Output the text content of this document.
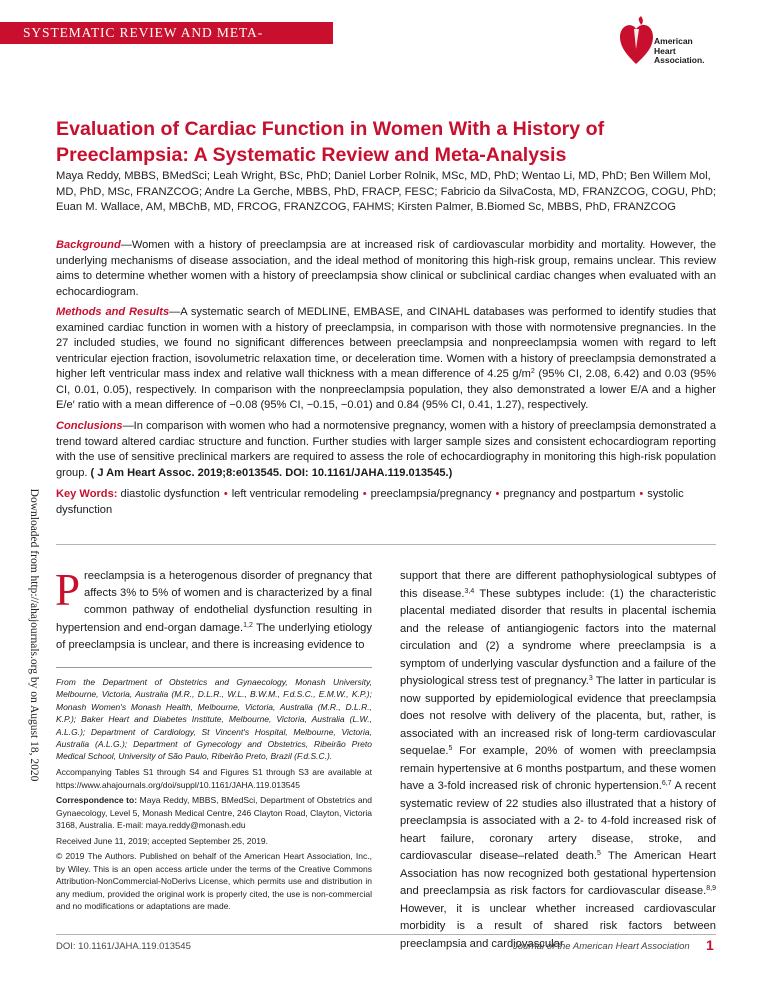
SYSTEMATIC REVIEW AND META-ANALYSIS
American
Heart
Association.
Downloaded from http://ahajournals.org by on August 18, 2020
Evaluation of Cardiac Function in Women With a History of Preeclampsia: A Systematic Review and Meta-Analysis
Maya Reddy, MBBS, BMedSci; Leah Wright, BSc, PhD; Daniel Lorber Rolnik, MSc, MD, PhD; Wentao Li, MD, PhD; Ben Willem Mol, MD, PhD, MSc, FRANZCOG; Andre La Gerche, MBBS, PhD, FRACP, FESC; Fabricio da SilvaCosta, MD, FRANZCOG, COGU, PhD; Euan M. Wallace, AM, MBChB, MD, FRCOG, FRANZCOG, FAHMS; Kirsten Palmer, B.Biomed Sc, MBBS, PhD, FRANZCOG

Background—Women with a history of preeclampsia are at increased risk of cardiovascular morbidity and mortality. However, the underlying mechanisms of disease association, and the ideal method of monitoring this high-risk group, remains unclear. This review aims to determine whether women with a history of preeclampsia show clinical or subclinical cardiac changes when evaluated with an echocardiogram.

Methods and Results—A systematic search of MEDLINE, EMBASE, and CINAHL databases was performed to identify studies that examined cardiac function in women with a history of preeclampsia, in comparison with those with normotensive pregnancies. In the 27 included studies, we found no significant differences between preeclampsia and nonpreeclampsia women with regard to left ventricular ejection fraction, isovolumetric relaxation time, or deceleration time. Women with a history of preeclampsia demonstrated a higher left ventricular mass index and relative wall thickness with a mean difference of 4.25 $g/m^2$ (95% CI, 2.08, 6.42) and 0.03 (95% CI, 0.01, 0.05), respectively. In comparison with the nonpreeclampsia population, they also demonstrated a lower E/A and a higher E/e′ ratio with a mean difference of −0.08 (95% CI, −0.15, −0.01) and 0.84 (95% CI, 0.41, 1.27), respectively.

Conclusions—In comparison with women who had a normotensive pregnancy, women with a history of preeclampsia demonstrated a trend toward altered cardiac structure and function. Further studies with larger sample sizes and consistent echocardiogram reporting with the use of sensitive preclinical markers are required to assess the role of echocardiography in monitoring this high-risk population group. ( J Am Heart Assoc. 2019;8:e013545. DOI: 10.1161/JAHA.119.013545.)

Key Words: diastolic dysfunction • left ventricular remodeling • preeclampsia/pregnancy • pregnancy and postpartum • systolic dysfunction
Preeclampsia is a heterogenous disorder of pregnancy that affects 3% to 5% of women and is characterized by a final common pathway of endothelial dysfunction resulting in hypertension and end-organ damage.$^{1,2}$ The underlying etiology of preeclampsia is unclear, and there is increasing evidence to
support that there are different pathophysiological subtypes of this disease.$^{3,4}$ These subtypes include: (1) the characteristic placental mediated disorder that results in placental ischemia and the release of antiangiogenic factors into the maternal circulation and (2) a syndrome where preeclampsia is a symptom of underlying vascular dysfunction and a failure of the physiological stress test of pregnancy.$^3$ The latter in particular is now supported by epidemiological evidence that preeclampsia does not resolve with delivery of the placenta, but, rather, is associated with an increased risk of long-term cardiovascular sequelae.$^5$ For example, 20% of women with preeclampsia remain hypertensive at 6 months postpartum, and these women have a 3-fold increased risk of chronic hypertension.$^{6,7}$ A recent systematic review of 22 studies also illustrated that a history of preeclampsia is associated with a 2- to 4-fold increased risk of heart failure, coronary artery disease, stroke, and cardiovascular disease–related death.$^5$ The American Heart Association has now recognized both gestational hypertension and preeclampsia as risk factors for cardiovascular disease.$^{8,9}$ However, it is unclear whether increased cardiovascular morbidity is a result of shared risk factors between preeclampsia and cardiovascular

From the Department of Obstetrics and Gynaecology, Monash University, Melbourne, Victoria, Australia (M.R., D.L.R., W.L., B.W.M., F.d.S.C., E.M.W., K.P.); Monash Women's Monash Health, Melbourne, Victoria, Australia (M.R., D.L.R., K.P.); Baker Heart and Diabetes Institute, Melbourne, Victoria, Australia (L.W., A.L.G.); Department of Cardiology, St Vincent's Hospital, Melbourne, Victoria, Australia (A.L.G.); Department of Gynecology and Obstetrics, Ribeirão Preto Medical School, University of São Paulo, Ribeirão Preto, Brazil (F.d.S.C.).

Accompanying Tables S1 through S4 and Figures S1 through S3 are available at https://www.ahajournals.org/doi/suppl/10.1161/JAHA.119.013545

Correspondence to: Maya Reddy, MBBS, BMedSci, Department of Obstetrics and Gynaecology, Level 5, Monash Medical Centre, 246 Clayton Road, Clayton, Victoria 3168, Australia. E-mail: maya.reddy@monash.edu

Received June 11, 2019; accepted September 25, 2019.

© 2019 The Authors. Published on behalf of the American Heart Association, Inc., by Wiley. This is an open access article under the terms of the Creative Commons Attribution-NonCommercial-NoDerivs License, which permits use and distribution in any medium, provided the original work is properly cited, the use is non-commercial and no modifications or adaptations are made.

DOI: 10.1161/JAHA.119.013545	Journal of the American Heart Association 1
